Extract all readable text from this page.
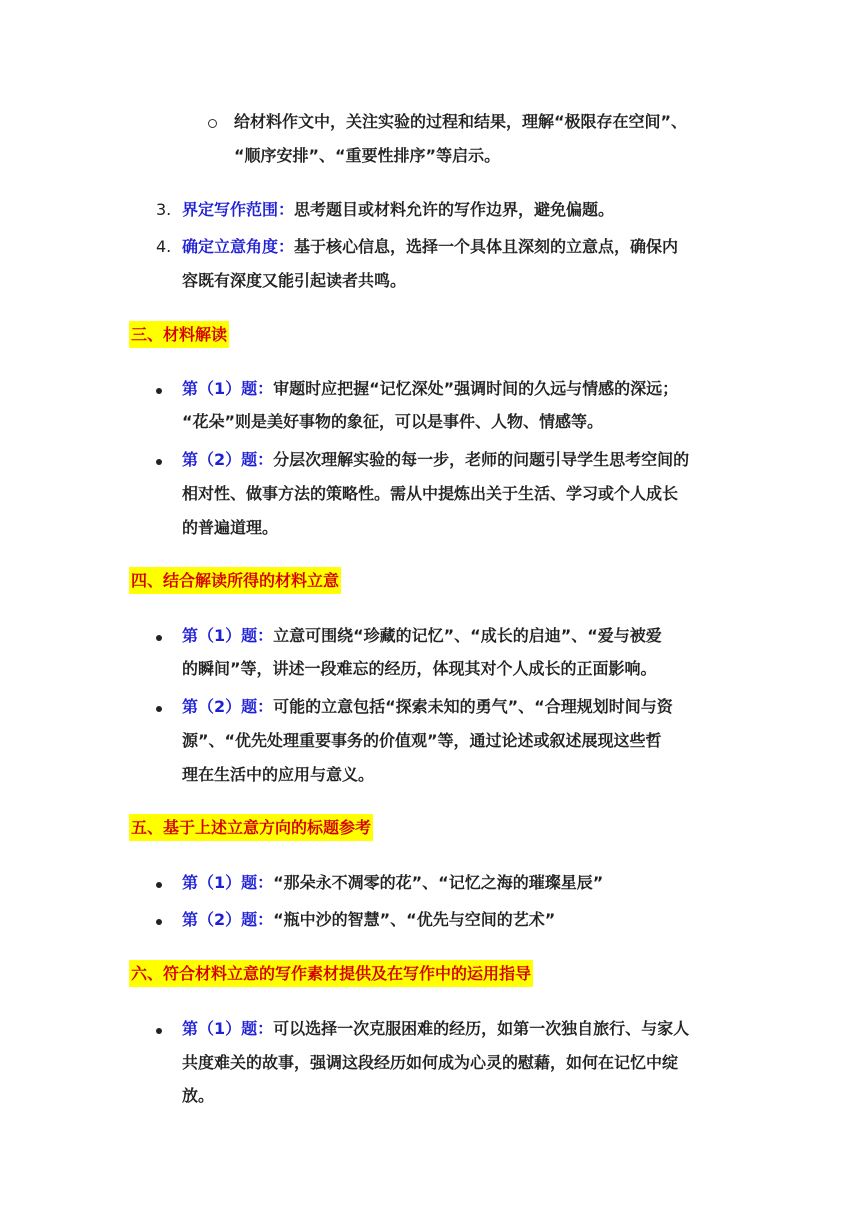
给材料作文中，关注实验的过程和结果，理解“极限存在空间”、
“顺序安排”、“重要性排序”等启示。
3. 界定写作范围：思考题目或材料允许的写作边界，避免偏题。
4. 确定立意角度：基于核心信息，选择一个具体且深刻的立意点，确保内
容既有深度又能引起读者共鸣。
三、材料解读
第（1）题：审题时应把握“记忆深处”强调时间的久远与情感的深远；
“花朵”则是美好事物的象征，可以是事件、人物、情感等。
第（2）题：分层次理解实验的每一步，老师的问题引导学生思考空间的
相对性、做事方法的策略性。需从中提炼出关于生活、学习或个人成长
的普遍道理。
四、结合解读所得的材料立意
第（1）题：立意可围绕“珍藏的记忆”、“成长的启迪”、“爱与被爱
的瞬间”等，讲述一段难忘的经历，体现其对个人成长的正面影响。
第（2）题：可能的立意包括“探索未知的勇气”、“合理规划时间与资
源”、“优先处理重要事务的价值观”等，通过论述或叙述展现这些哲
理在生活中的应用与意义。
五、基于上述立意方向的标题参考
第（1）题：“那朵永不凋零的花”、“记忆之海的璀璨星辰”
第（2）题：“瓶中沙的智慧”、“优先与空间的艺术”
六、符合材料立意的写作素材提供及在写作中的运用指导
第（1）题：可以选择一次克服困难的经历，如第一次独自旅行、与家人
共度难关的故事，强调这段经历如何成为心灵的慰藉，如何在记忆中绽
放。
